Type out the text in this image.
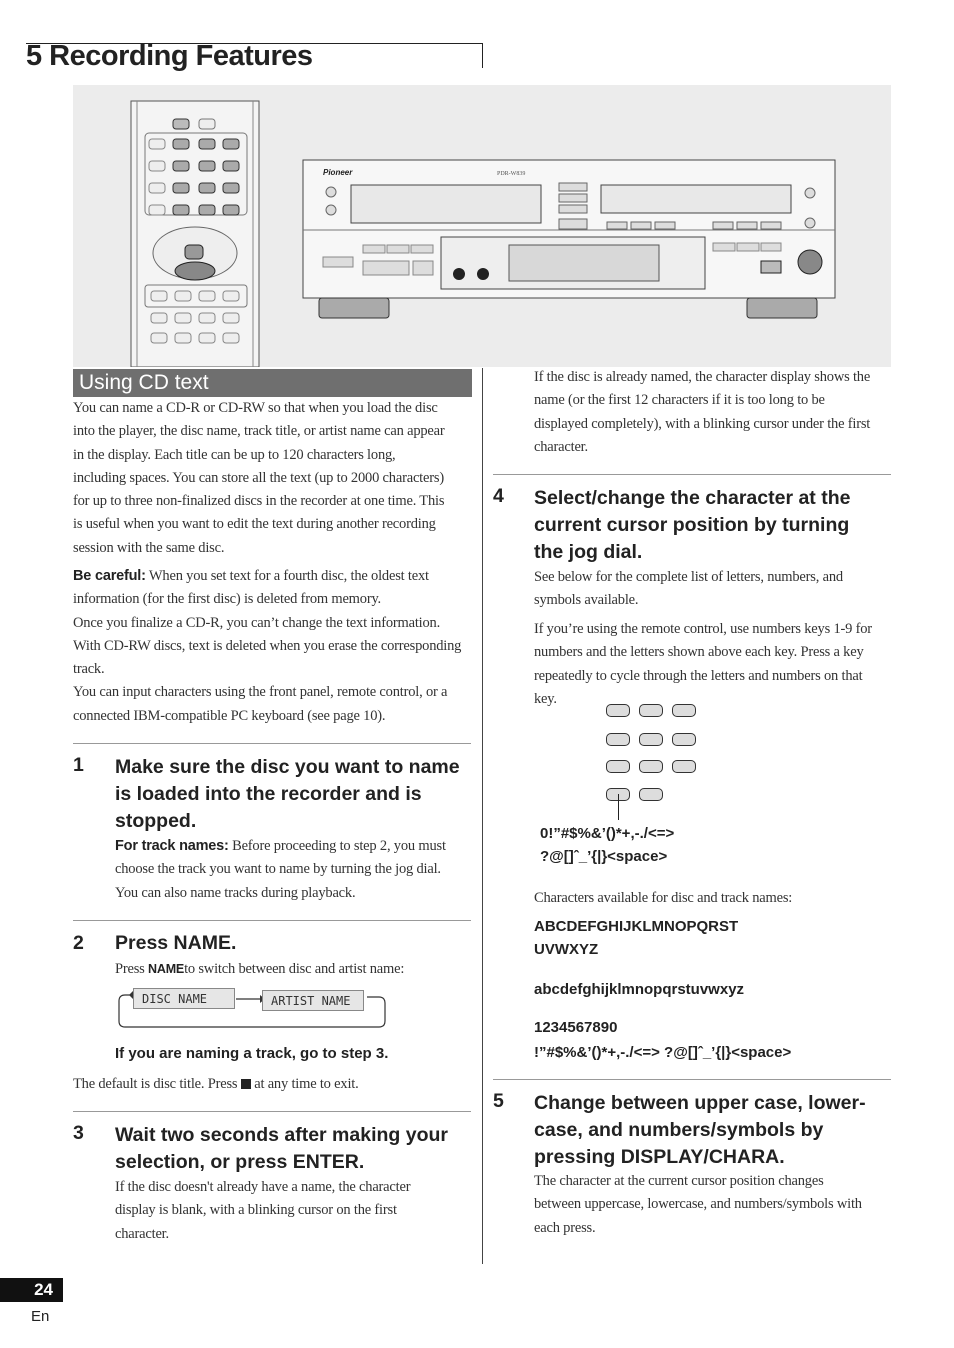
5 Recording Features
Pioneer	PDR-W839
Using CD text
You can name a CD-R or CD-RW so that when you load the disc
into the player, the disc name, track title, or artist name can appear
in the display. Each title can be up to 120 characters long,
including spaces. You can store all the text (up to 2000 characters)
for up to three non-finalized discs in the recorder at one time. This
is useful when you want to edit the text during another recording
session with the same disc.
Be careful: When you set text for a fourth disc, the oldest text
information (for the first disc) is deleted from memory.
Once you finalize a CD-R, you can’t change the text information.
With CD-RW discs, text is deleted when you erase the corresponding
track.
You can input characters using the front panel, remote control, or a
connected IBM-compatible PC keyboard (see page 10).
1 Make sure the disc you want to name
is loaded into the recorder and is
stopped.
For track names: Before proceeding to step 2, you must
choose the track you want to name by turning the jog dial.
You can also name tracks during playback.
2 Press NAME.
Press NAMEto switch between disc and artist name:
DISC NAME	ARTIST NAME
If you are naming a track, go to step 3.
The default is disc title. Press  at any time to exit.
3 Wait two seconds after making your
selection, or press ENTER.
If the disc doesn't already have a name, the character
display is blank, with a blinking cursor on the first
character.
If the disc is already named, the character display shows the
name (or the first 12 characters if it is too long to be
displayed completely), with a blinking cursor under the first
character.
4 Select/change the character at the
current cursor position by turning
the jog dial.
See below for the complete list of letters, numbers, and
symbols available.
If you’re using the remote control, use numbers keys 1-9 for
numbers and the letters shown above each key. Press a key
repeatedly to cycle through the letters and numbers on that
key.
0!”#$%&’()*+,-./<=>
?@[]ˆ_’{|}<space>
Characters available for disc and track names:
ABCDEFGHIJKLMNOPQRST
UVWXYZ
abcdefghijklmnopqrstuvwxyz
1234567890
!”#$%&’()*+,-./<=> ?@[]ˆ_’{|}<space>
5 Change between upper case, lower-
case, and numbers/symbols by
pressing DISPLAY/CHARA.
The character at the current cursor position changes
between uppercase, lowercase, and numbers/symbols with
each press.
24
En
